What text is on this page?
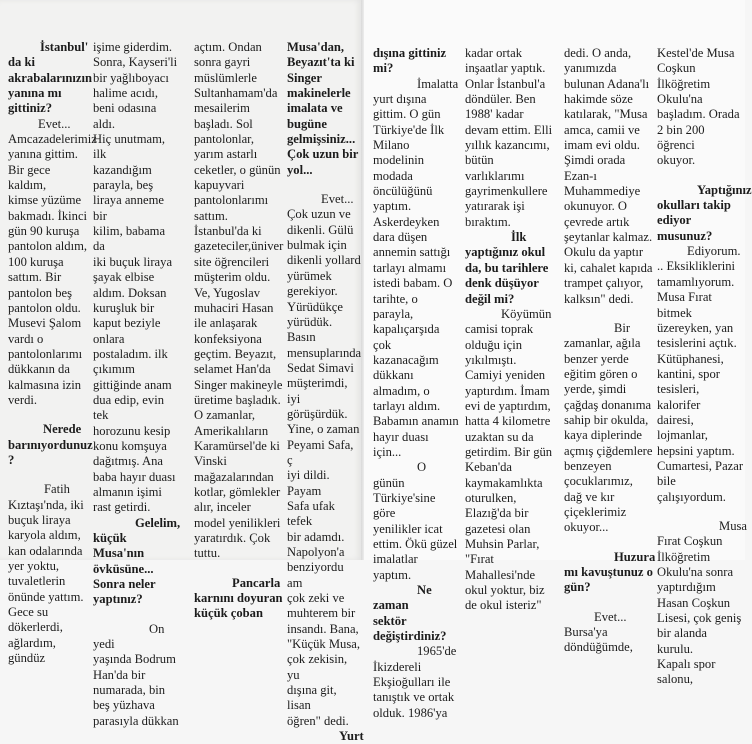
İstanbul'
da ki
akrabalarınızın
yanına mı
gittiniz?
Evet...
Amcazadelerimiz
yanına gittim.
Bir gece kaldım,
kimse yüzüme
bakmadı. İkinci
gün 90 kuruşa
pantolon aldım,
100 kuruşa
sattım. Bir
pantolon beş
pantolon oldu.
Musevi Şalom
vardı o
pantolonlarımı
dükkanın da
kalmasına izin
verdi.
Nerede
barınıyordunuz
?
Fatih
Kıztaşı'nda, iki
buçuk liraya
karyola aldım,
kan odalarında
yer yoktu,
tuvaletlerin
önünde yattım.
Gece su
dökerlerdi,
ağlardım, gündüz
işime giderdim.
Sonra, Kayseri'li
bir yağlıboyacı
halime acıdı,
beni odasına aldı.
Hiç unutmam, ilk
kazandığım
parayla, beş
liraya anneme bir
kilim, babama da
iki buçuk liraya
şayak elbise
aldım. Doksan
kuruşluk bir
kaput beziyle
onlara
postaladım. ilk
çıkımım
gittiğinde anam
dua edip, evin tek
horozunu kesip
konu komşuya
dağıtmış. Ana
baba hayır duası
almanın işimi
rast getirdi.
Gelelim,
küçük Musa'nın
övküsüne...
Sonra neler
yaptınız?
On yedi
yaşında Bodrum
Han'da bir
numarada, bin
beş yüzhava
parasıyla dükkan
açtım. Ondan
sonra gayri
müslümlerle
Sultanhamam'da
mesailerim
başladı. Sol
pantolonlar,
yarım astarlı
ceketler, o günün
kapuyvari
pantolonlarımı
sattım.
İstanbul'da ki
gazeteciler,üniver
site öğrencileri
müşterim oldu.
Ve, Yugoslav
muhaciri Hasan
ile anlaşarak
konfeksiyona
geçtim. Beyazıt,
selamet Han'da
Singer makineyle
üretime başladık.
O zamanlar,
Amerikalıların
Karamürsel'de ki
Vinski
mağazalarından
kotlar, gömlekler
alır, inceler
model yenilikleri
yaratırdık. Çok
tuttu.
Pancarla
karnını doyuran
küçük çoban
Musa'dan,
Beyazıt'ta ki
Singer
makinelerle
imalata ve
bugüne
gelmişsiniz...
Çok uzun bir
yol...
Evet...
Çok uzun ve
dikenli. Gülü
bulmak için
dikenli yollard
yürümek
gerekiyor.
Yürüdükçe
yürüdük. Basın
mensuplarında
Sedat Simavi
müşterimdi, iyi
görüşürdük.
Yine, o zaman
Peyami Safa, ç
iyi dildi. Payam
Safa ufak tefek
bir adamdı.
Napolyon'a
benziyordu am
çok zeki ve
muhterem bir
insandı. Bana,
"Küçük Musa,
çok zekisin, yu
dışına git, lisan
öğren" dedi.
Yurt
dışına gittiniz
mi?
İmalatta
yurt dışına
gittim. O gün
Türkiye'de İlk
Milano
modelinin
modada
öncülüğünü
yaptım.
Askerdeyken
dara düşen
annemin sattığı
tarlayı almamı
istedi babam. O
tarihte, o parayla,
kapalıçarşıda çok
kazanacağım
dükkanı
almadım, o
tarlayı aldım.
Babamın anamın
hayır duası için...
O günün
Türkiye'sine göre
yenilikler icat
ettim. Ökü güzel
imalatlar yaptım.
Ne zaman
sektör
değiştirdiniz?
1965'de
İkizdereli
Ekşioğulları ile
tanıştık ve ortak
olduk. 1986'ya
kadar ortak
inşaatlar yaptık.
Onlar İstanbul'a
döndüler. Ben
1988' kadar
devam ettim. Elli
yıllık kazancımı,
bütün
varlıklarımı
gayrimenkullere
yatırarak işi
bıraktım.
İlk
yaptığınız okul
da, bu tarihlere
denk düşüyor
değil mi?
Köyümün
camisi toprak
olduğu için
yıkılmıştı.
Camiyi yeniden
yaptırdım. İmam
evi de yaptırdım,
hatta 4 kilometre
uzaktan su da
getirdim. Bir gün
Keban'da
kaymakamlıkta
oturulken,
Elazığ'da bir
gazetesi olan
Muhsin Parlar,
"Fırat
Mahallesi'nde
okul yoktur, biz
de okul isteriz"
dedi. O anda,
yanımızda
bulunan Adana'lı
hakimde söze
katılarak, "Musa
amca, camii ve
imam evi oldu.
Şimdi orada
Ezan-ı
Muhammediye
okunuyor. O
çevrede artık
şeytanlar kalmaz.
Okulu da yaptır
ki, cahalet kapıda
trampet çalıyor,
kalksın" dedi.
Bir
zamanlar, ağıla
benzer yerde
eğitim gören o
yerde, şimdi
çağdaş donanıma
sahip bir okulda,
kaya diplerinde
açmış çiğdemlere
benzeyen
çocuklarımız,
dağ ve kır
çiçeklerimiz
okuyor...
Huzura
mı kavuştunuz o
gün?
Evet...
Bursa'ya
döndüğümde,
Kestel'de Musa
Coşkun
İlköğretim
Okulu'na
başladım. Orada
2 bin 200 öğrenci
okuyor.
Yaptığınız
okulları takip
ediyor
musunuz?
Ediyorum.
.. Eksikliklerini
tamamlıyorum.
Musa Fırat bitmek
üzereyken, yan
tesislerini açtık.
Kütüphanesi,
kantini, spor
tesisleri, kalorifer
dairesi,
lojmanlar,
hepsini yaptım.
Cumartesi, Pazar
bile
çalışıyordum.
Musa
Fırat Coşkun
İlköğretim
Okulu'na sonra
yaptırdığım
Hasan Coşkun
Lisesi, çok geniş
bir alanda kurulu.
Kapalı spor
salonu,
